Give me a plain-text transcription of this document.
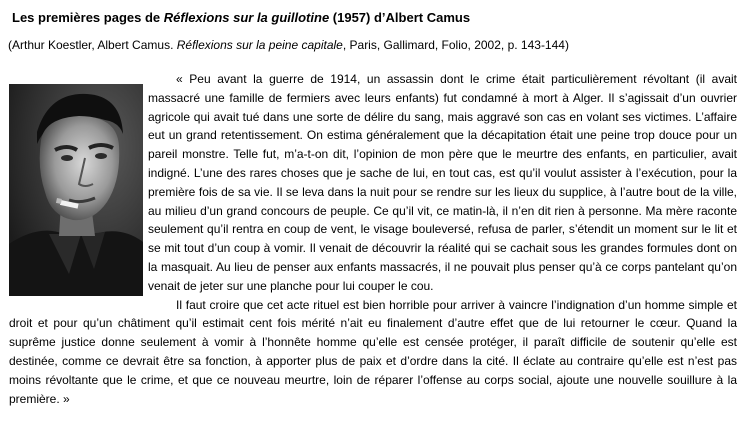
Les premières pages de Réflexions sur la guillotine (1957) d’Albert Camus
(Arthur Koestler, Albert Camus. Réflexions sur la peine capitale, Paris, Gallimard, Folio, 2002, p. 143-144)

« Peu avant la guerre de 1914, un assassin dont le crime était particulièrement révoltant (il avait massacré une famille de fermiers avec leurs enfants) fut condamné à mort à Alger. Il s’agissait d’un ouvrier agricole qui avait tué dans une sorte de délire du sang, mais aggravé son cas en volant ses victimes. L’affaire eut un grand retentissement. On estima généralement que la décapitation était une peine trop douce pour un pareil monstre. Telle fut, m’a-t-on dit, l’opinion de mon père que le meurtre des enfants, en particulier, avait indigné. L’une des rares choses que je sache de lui, en tout cas, est qu’il voulut assister à l’exécution, pour la première fois de sa vie. Il se leva dans la nuit pour se rendre sur les lieux du supplice, à l’autre bout de la ville, au milieu d’un grand concours de peuple. Ce qu’il vit, ce matin-là, il n’en dit rien à personne. Ma mère raconte seulement qu’il rentra en coup de vent, le visage bouleversé, refusa de parler, s’étendit un moment sur le lit et se mit tout d’un coup à vomir. Il venait de découvrir la réalité qui se cachait sous les grandes formules dont on la masquait. Au lieu de penser aux enfants massacrés, il ne pouvait plus penser qu’à ce corps pantelant qu’on venait de jeter sur une planche pour lui couper le cou.

Il faut croire que cet acte rituel est bien horrible pour arriver à vaincre l’indignation d’un homme simple et droit et pour qu’un châtiment qu’il estimait cent fois mérité n’ait eu finalement d’autre effet que de lui retourner le cœur. Quand la suprême justice donne seulement à vomir à l’honnête homme qu’elle est censée protéger, il paraît difficile de soutenir qu’elle est destinée, comme ce devrait être sa fonction, à apporter plus de paix et d’ordre dans la cité. Il éclate au contraire qu’elle est n’est pas moins révoltante que le crime, et que ce nouveau meurtre, loin de réparer l’offense au corps social, ajoute une nouvelle souillure à la première. »
